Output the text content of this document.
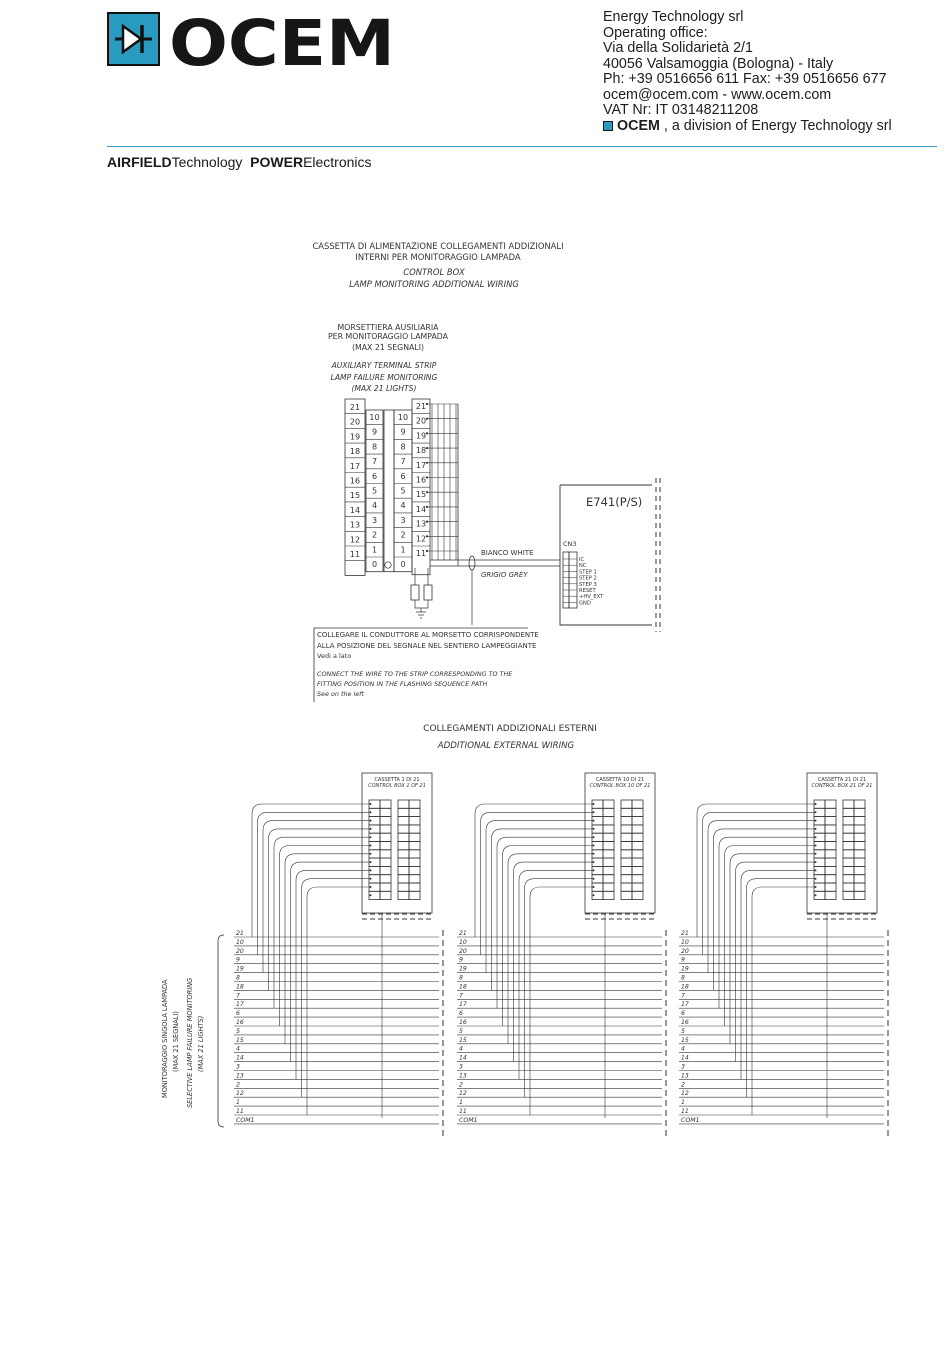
OCEM	Energy Technology srl
Operating office:
Via della Solidarietà 2/1
40056 Valsamoggia (Bologna) - Italy
Ph: +39 0516656 611 Fax: +39 0516656 677
ocem@ocem.com - www.ocem.com
VAT Nr: IT 03148211208
OCEM , a division of Energy Technology srl
AIRFIELDTechnology POWERElectronics
CASSETTA DI ALIMENTAZIONE COLLEGAMENTI ADDIZIONALI
INTERNI PER MONITORAGGIO LAMPADA
CONTROL BOX
LAMP MONITORING ADDITIONAL WIRING
MORSETTIERA AUSILIARIA
PER MONITORAGGIO LAMPADA
(MAX 21 SEGNALI)
AUXILIARY TERMINAL STRIP
LAMP FAILURE MONITORING
(MAX 21 LIGHTS)
21
20
19
18
17
16
15
14
13
12
11
10
9
8
7
6
5
4
3
2
1
0
10
9
8
7
6
5
4
3
2
1
0
21
20
19
18
17
16
15
14
13
12
11	BIANCO WHITE
GRIGIO GREY
E741(P/S)
CN3
IC
NC
STEP 1
STEP 2
STEP 3
RESET
+HV_EXT
GND
COLLEGARE IL CONDUTTORE AL MORSETTO CORRISPONDENTE
ALLA POSIZIONE DEL SEGNALE NEL SENTIERO LAMPEGGIANTE
Vedi a lato
CONNECT THE WIRE TO THE STRIP CORRESPONDING TO THE
FITTING POSITION IN THE FLASHING SEQUENCE PATH
See on the left
COLLEGAMENTI ADDIZIONALI ESTERNI
ADDITIONAL EXTERNAL WIRING
CASSETTA 1 DI 21
CONTROL BOX 1 OF 21
21
10
20
9
19
8
18
7
17
6
16
5
15
4
14
3
13
2
12
1
11
COM1
CASSETTA 10 DI 21
CONTROL BOX 10 OF 21
21
10
20
9
19
8
18
7
17
6
16
5
15
4
14
3
13
2
12
1
11
COM1
CASSETTA 21 DI 21
CONTROL BOX 21 OF 21
21
10
20
9
19
8
18
7
17
6
16
5
15
4
14
3
13
2
12
1
11
COM1
MONITORAGGIO SINGOLA LAMPADA (MAX 21 SEGNALI) SELECTIVE LAMP FAILURE MONITORING (MAX 21 LIGHTS)
